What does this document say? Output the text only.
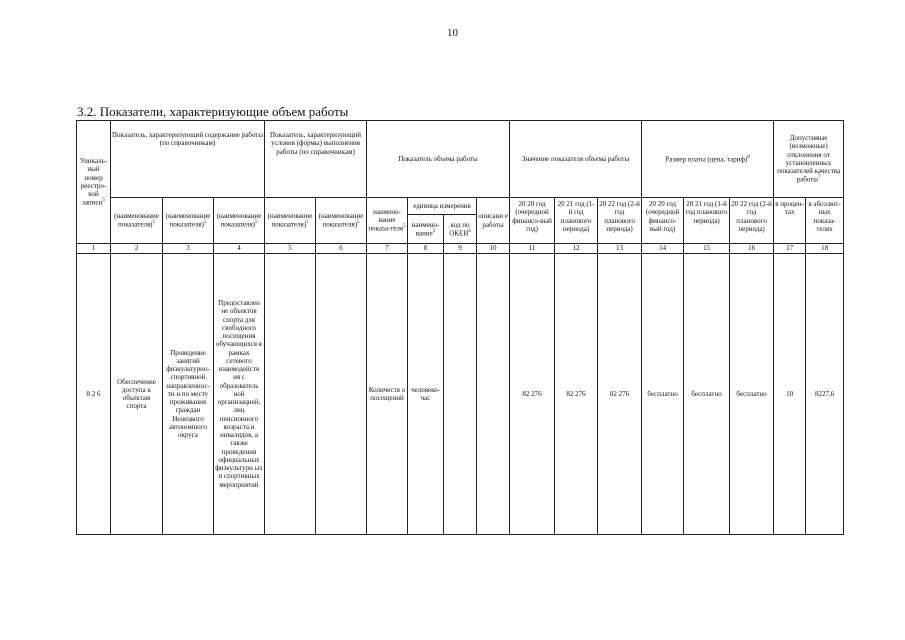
10
3.2. Показатели, характеризующие объем работы
Уникаль-ный номер реестро-вой записи$^5$	Показатель, характеризующий содержание работы (по справочникам)			Показатель, характеризующий условия (формы) выполнения работы (по справочникам)		Показатель объема работы				Значение показателя объема работы			Размер платы (цена, тариф)$^8$			Допустимые (возможные) отклонения от установленных показателей качества работы$^7$
	(наименование показателя)$^5$	(наименование показателя)$^5$	(наименование показателя)$^5$	(наименование показателя)$^5$	(наименование показателя)$^5$	наимено-вание показа-теля$^5$	единица измерения		описани е работы	20 20 год (очередной финансо-вый год)	20 21 год (1-й год планового периода)	20 22 год (2-й год планового периода)	20 20 год (очередной финансо-вый год)	20 21 год (1-й год планового периода)	20 22 год (2-й год планового периода)	в процен-тах	в абсолют-ных показа-телях
							наимено-вание$^5$	код по ОКЕИ$^6$
1	2	3	4	5	6	7	8	9	10	11	12	13	14	15	16	17	18
8 2 6	Обеспечение доступа к объектам спорта	Проведение занятий физкультурно-спортивной направленнос-ти и по месту проживания граждан Ненецкого автономного округа	Предоставлен не объектов спорта для свободного посещения обучающихся в рамках сетевого взаимодейств ия с образователь ной организацией, лиц пенсионного возраста и инвалидов, а также проведения официальных физкультурн ых и спортивных мероприятий			Количеств о посещений	человеко-час			82 276	82 276	82 276	бесплатно	бесплатно	бесплатно	10	8227,6
